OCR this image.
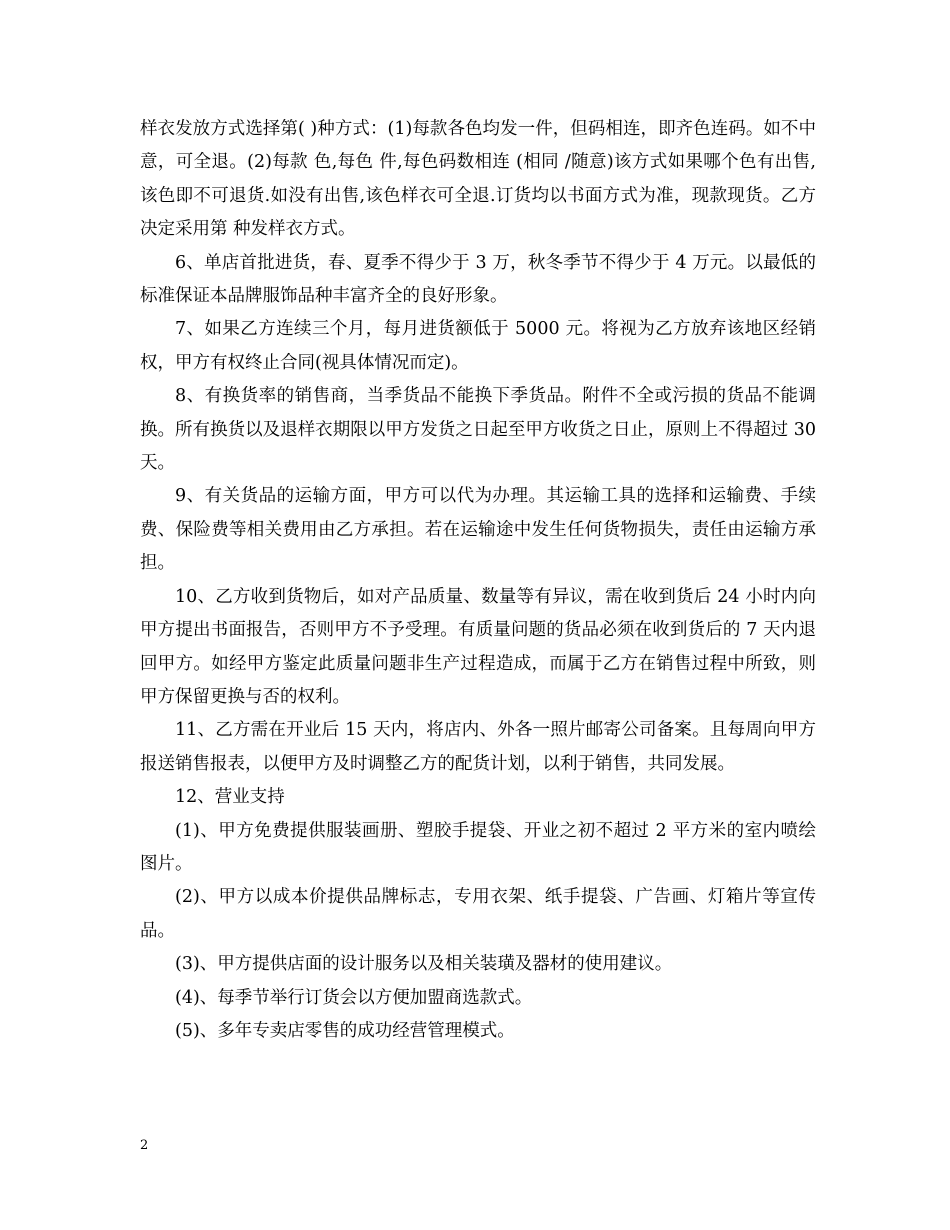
样衣发放方式选择第( )种方式：(1)每款各色均发一件，但码相连，即齐色连码。如不中意，可全退。(2)每款 色,每色 件,每色码数相连 (相同 /随意)该方式如果哪个色有出售,该色即不可退货.如没有出售,该色样衣可全退.订货均以书面方式为准，现款现货。乙方决定采用第 种发样衣方式。

6、单店首批进货，春、夏季不得少于 3 万，秋冬季节不得少于 4 万元。以最低的标准保证本品牌服饰品种丰富齐全的良好形象。

7、如果乙方连续三个月，每月进货额低于 5000 元。将视为乙方放弃该地区经销权，甲方有权终止合同(视具体情况而定)。

8、有换货率的销售商，当季货品不能换下季货品。附件不全或污损的货品不能调换。所有换货以及退样衣期限以甲方发货之日起至甲方收货之日止，原则上不得超过 30 天。

9、有关货品的运输方面，甲方可以代为办理。其运输工具的选择和运输费、手续费、保险费等相关费用由乙方承担。若在运输途中发生任何货物损失，责任由运输方承担。

10、乙方收到货物后，如对产品质量、数量等有异议，需在收到货后 24 小时内向甲方提出书面报告，否则甲方不予受理。有质量问题的货品必须在收到货后的 7 天内退回甲方。如经甲方鉴定此质量问题非生产过程造成，而属于乙方在销售过程中所致，则甲方保留更换与否的权利。

11、乙方需在开业后 15 天内，将店内、外各一照片邮寄公司备案。且每周向甲方报送销售报表，以便甲方及时调整乙方的配货计划，以利于销售，共同发展。

12、营业支持

(1)、甲方免费提供服装画册、塑胶手提袋、开业之初不超过 2 平方米的室内喷绘图片。

(2)、甲方以成本价提供品牌标志，专用衣架、纸手提袋、广告画、灯箱片等宣传品。

(3)、甲方提供店面的设计服务以及相关装璜及器材的使用建议。

(4)、每季节举行订货会以方便加盟商选款式。

(5)、多年专卖店零售的成功经营管理模式。

2
